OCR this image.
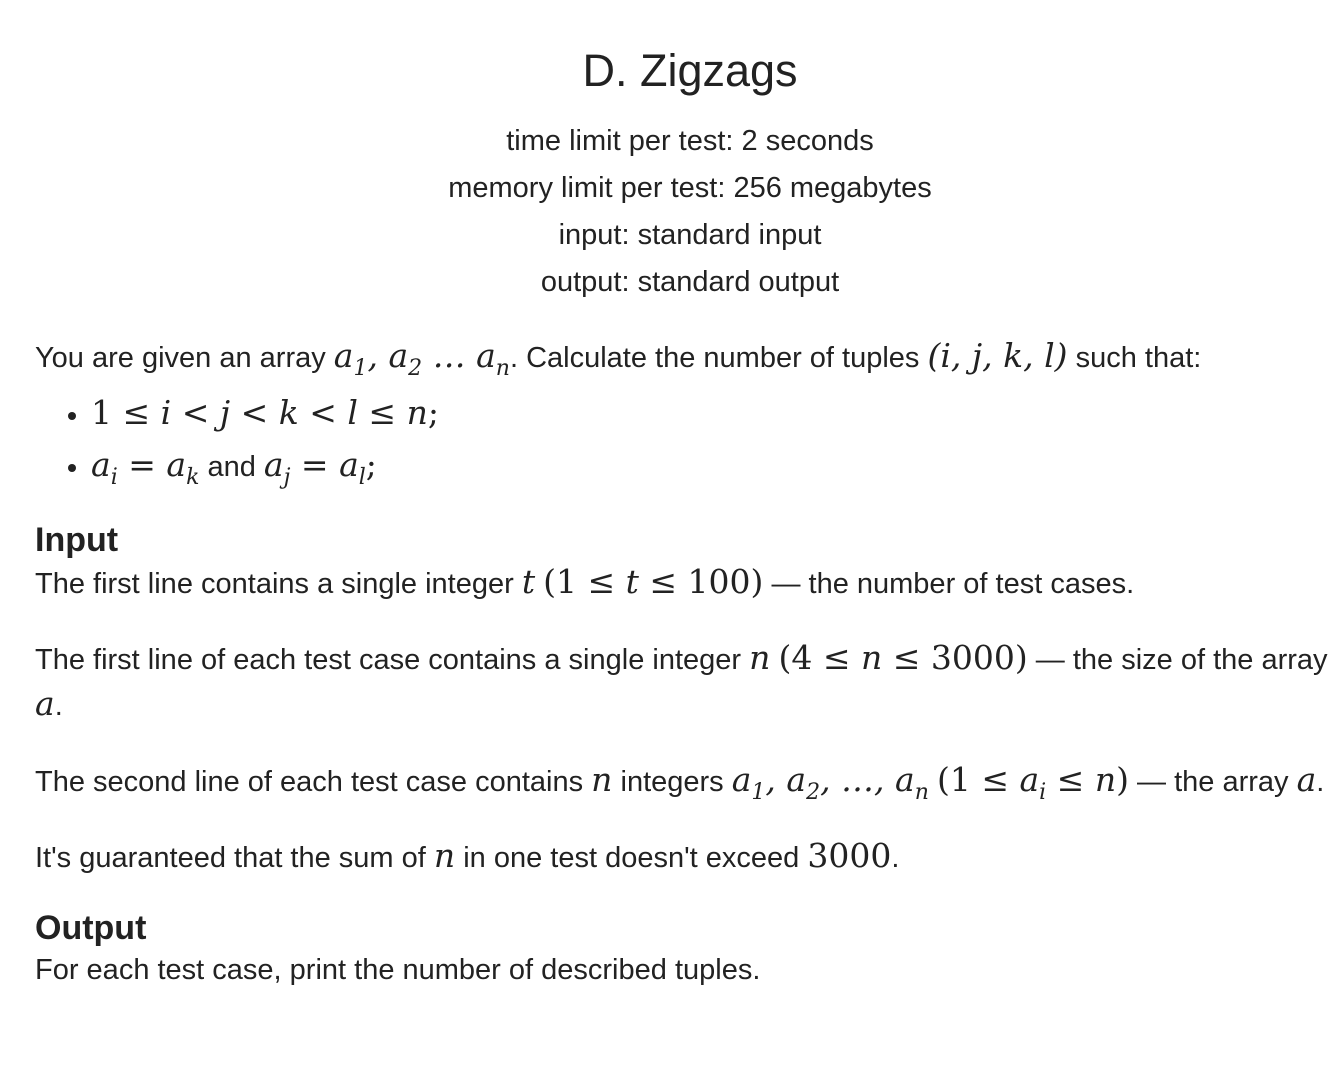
D. Zigzags
time limit per test: 2 seconds
memory limit per test: 256 megabytes
input: standard input
output: standard output

You are given an array $a_1$, $a_2$ … $a_n$. Calculate the number of tuples (i, j, k, l) such that:

• 1 ≤ i < j < k < l ≤ n;
• $a_i = a_k$ and $a_j = a_l$;
Input

The first line contains a single integer t (1 ≤ t ≤ 100) — the number of test cases.

The first line of each test case contains a single integer n (4 ≤ n ≤ 3000) — the size of the array a.

The second line of each test case contains n integers $a_1$, $a_2$, …, $a_n$ $(1 \le a_i \le n)$ — the array a.

It's guaranteed that the sum of n in one test doesn't exceed 3000.

Output

For each test case, print the number of described tuples.
